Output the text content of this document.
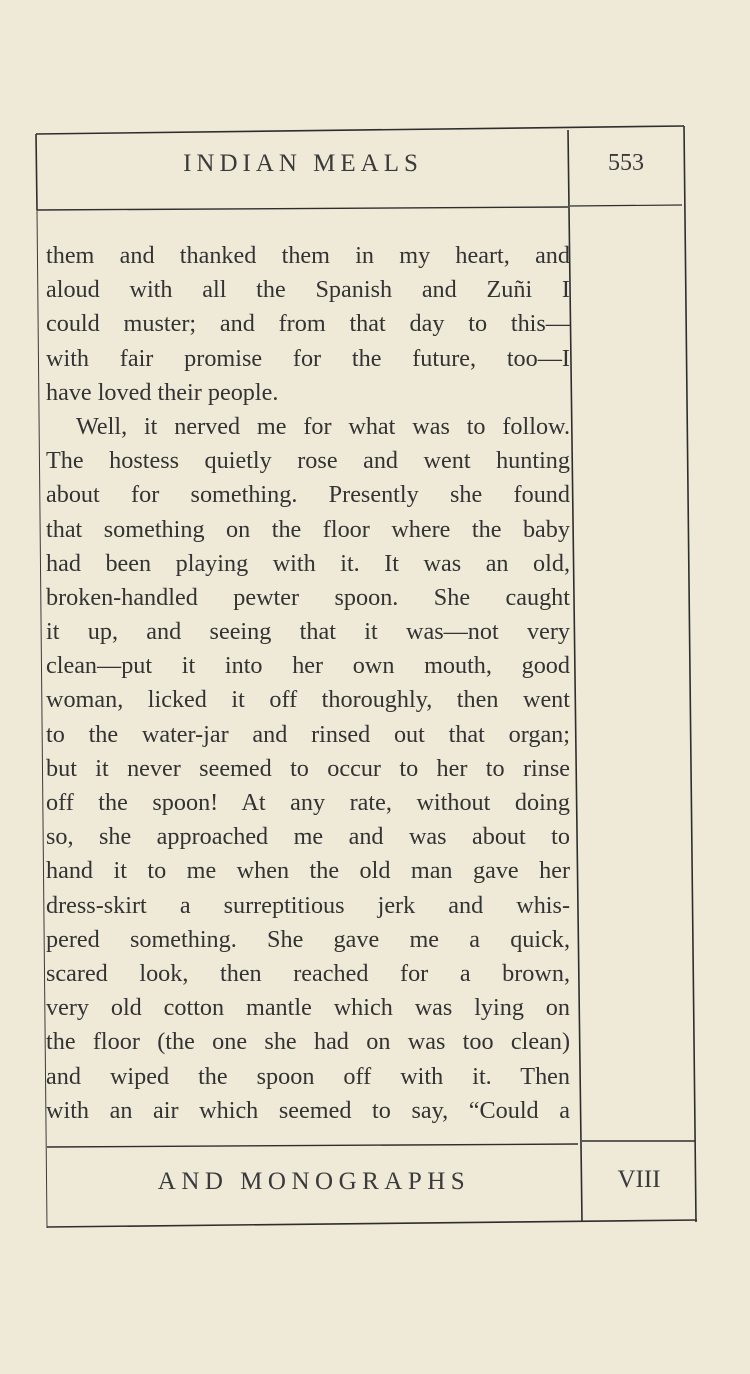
INDIAN MEALS	553
them and thanked them in my heart, and
aloud with all the Spanish and Zuñi I
could muster; and from that day to this—
with fair promise for the future, too—I
have loved their people.
Well, it nerved me for what was to follow.
The hostess quietly rose and went hunting
about for something. Presently she found
that something on the floor where the baby
had been playing with it. It was an old,
broken-handled pewter spoon. She caught
it up, and seeing that it was—not very
clean—put it into her own mouth, good
woman, licked it off thoroughly, then went
to the water-jar and rinsed out that organ;
but it never seemed to occur to her to rinse
off the spoon! At any rate, without doing
so, she approached me and was about to
hand it to me when the old man gave her
dress-skirt a surreptitious jerk and whis-
pered something. She gave me a quick,
scared look, then reached for a brown,
very old cotton mantle which was lying on
the floor (the one she had on was too clean)
and wiped the spoon off with it. Then
with an air which seemed to say, “Could a
AND MONOGRAPHS	VIII
